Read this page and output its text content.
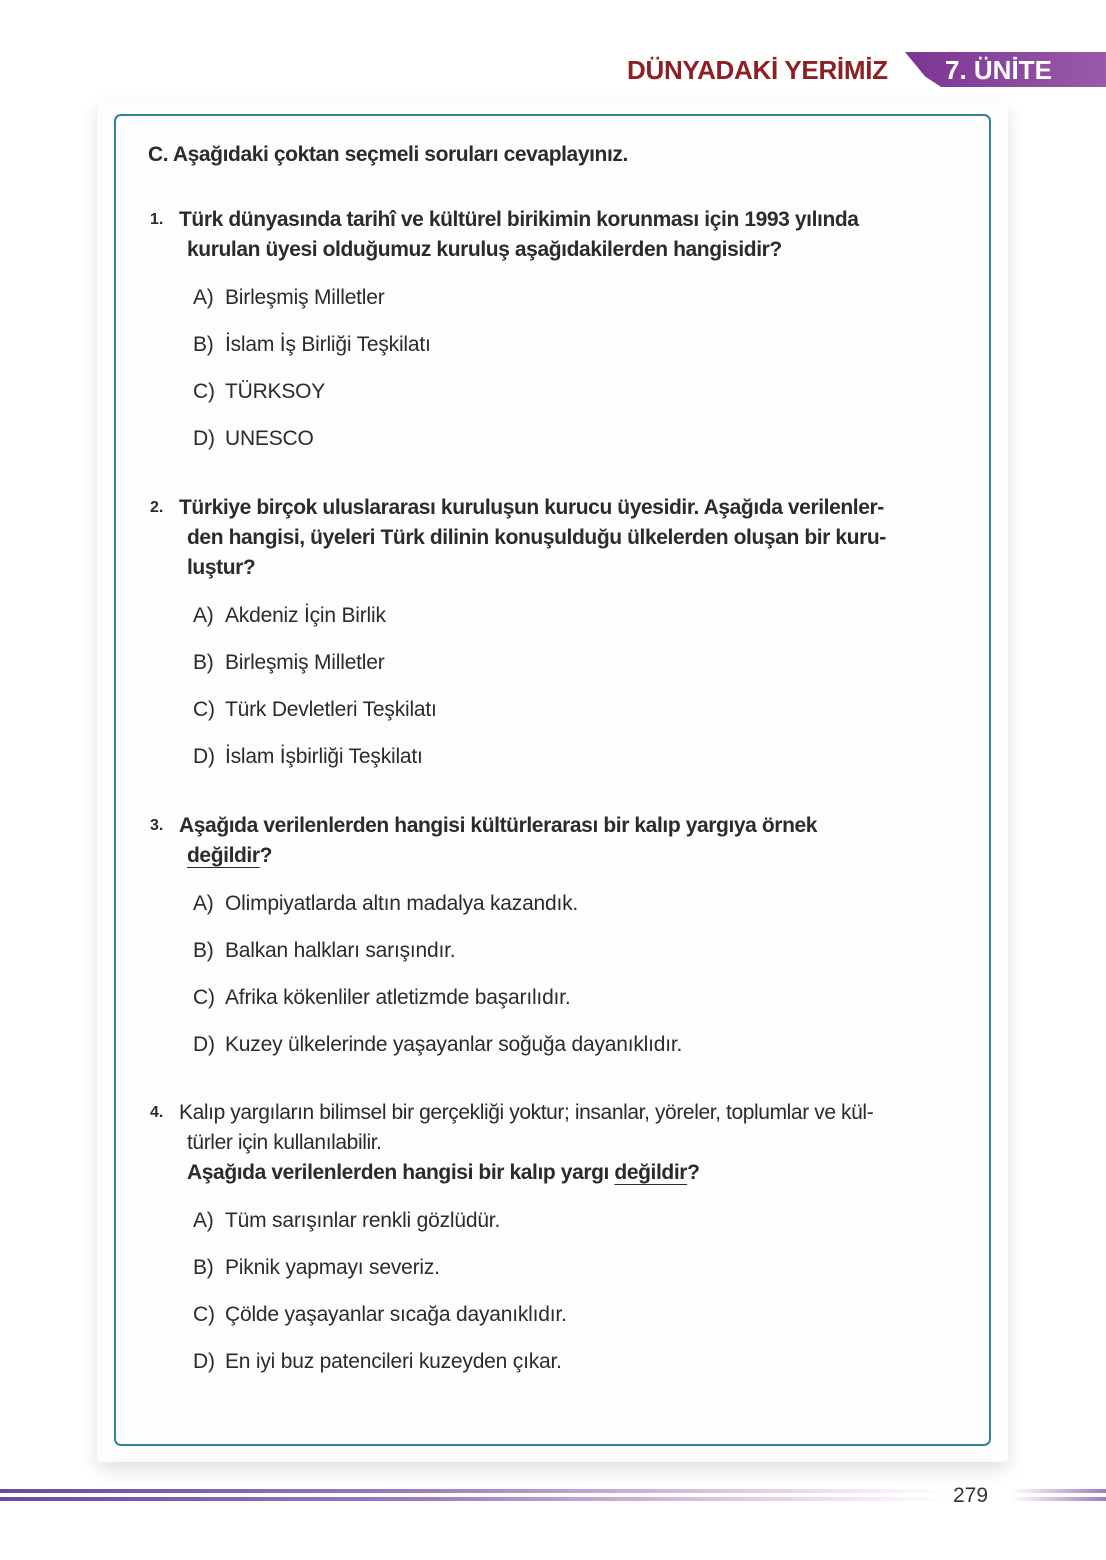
DÜNYADAKİ YERİMİZ 7. ÜNİTE
C. Aşağıdaki çoktan seçmeli soruları cevaplayınız.
1. Türk dünyasında tarihî ve kültürel birikimin korunması için 1993 yılında
kurulan üyesi olduğumuz kuruluş aşağıdakilerden hangisidir?
A) Birleşmiş Milletler
B) İslam İş Birliği Teşkilatı
C) TÜRKSOY
D) UNESCO
2. Türkiye birçok uluslararası kuruluşun kurucu üyesidir. Aşağıda verilenler-
den hangisi, üyeleri Türk dilinin konuşulduğu ülkelerden oluşan bir kuru-
luştur?
A) Akdeniz İçin Birlik
B) Birleşmiş Milletler
C) Türk Devletleri Teşkilatı
D) İslam İşbirliği Teşkilatı
3. Aşağıda verilenlerden hangisi kültürlerarası bir kalıp yargıya örnek
değildir?
A) Olimpiyatlarda altın madalya kazandık.
B) Balkan halkları sarışındır.
C) Afrika kökenliler atletizmde başarılıdır.
D) Kuzey ülkelerinde yaşayanlar soğuğa dayanıklıdır.
4. Kalıp yargıların bilimsel bir gerçekliği yoktur; insanlar, yöreler, toplumlar ve kül-
türler için kullanılabilir.
Aşağıda verilenlerden hangisi bir kalıp yargı değildir?
A) Tüm sarışınlar renkli gözlüdür.
B) Piknik yapmayı severiz.
C) Çölde yaşayanlar sıcağa dayanıklıdır.
D) En iyi buz patencileri kuzeyden çıkar.
279
